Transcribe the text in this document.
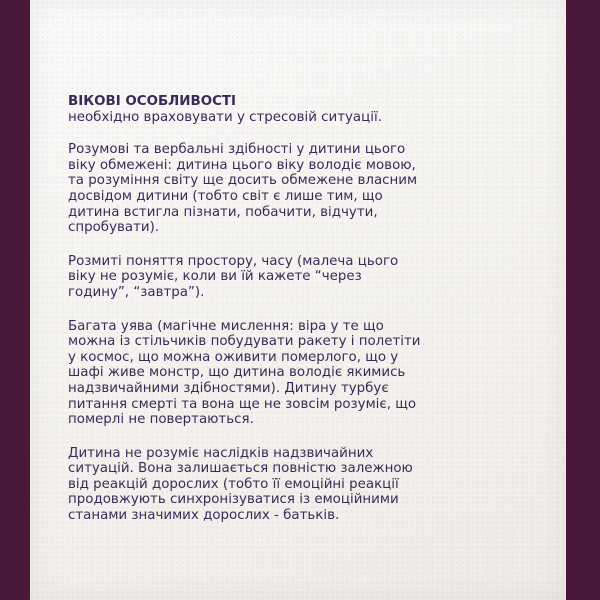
ВІКОВІ ОСОБЛИВОСТІ
необхідно враховувати у стресовій ситуації.
Розумові та вербальні здібності у дитини цього
віку обмежені: дитина цього віку володіє мовою,
та розуміння світу ще досить обмежене власним
досвідом дитини (тобто світ є лише тим, що
дитина встигла пізнати, побачити, відчути,
спробувати).
Розмиті поняття простору, часу (малеча цього
віку не розуміє, коли ви їй кажете “через
годину”, “завтра”).
Багата уява (магічне мислення: віра у те що
можна із стільчиків побудувати ракету і полетіти
у космос, що можна оживити померлого, що у
шафі живе монстр, що дитина володіє якимись
надзвичайними здібностями). Дитину турбує
питання смерті та вона ще не зовсім розуміє, що
померлі не повертаються.
Дитина не розуміє наслідків надзвичайних
ситуацій. Вона залишається повністю залежною
від реакцій дорослих (тобто її емоційні реакції
продовжують синхронізуватися із емоційними
станами значимих дорослих - батьків.
